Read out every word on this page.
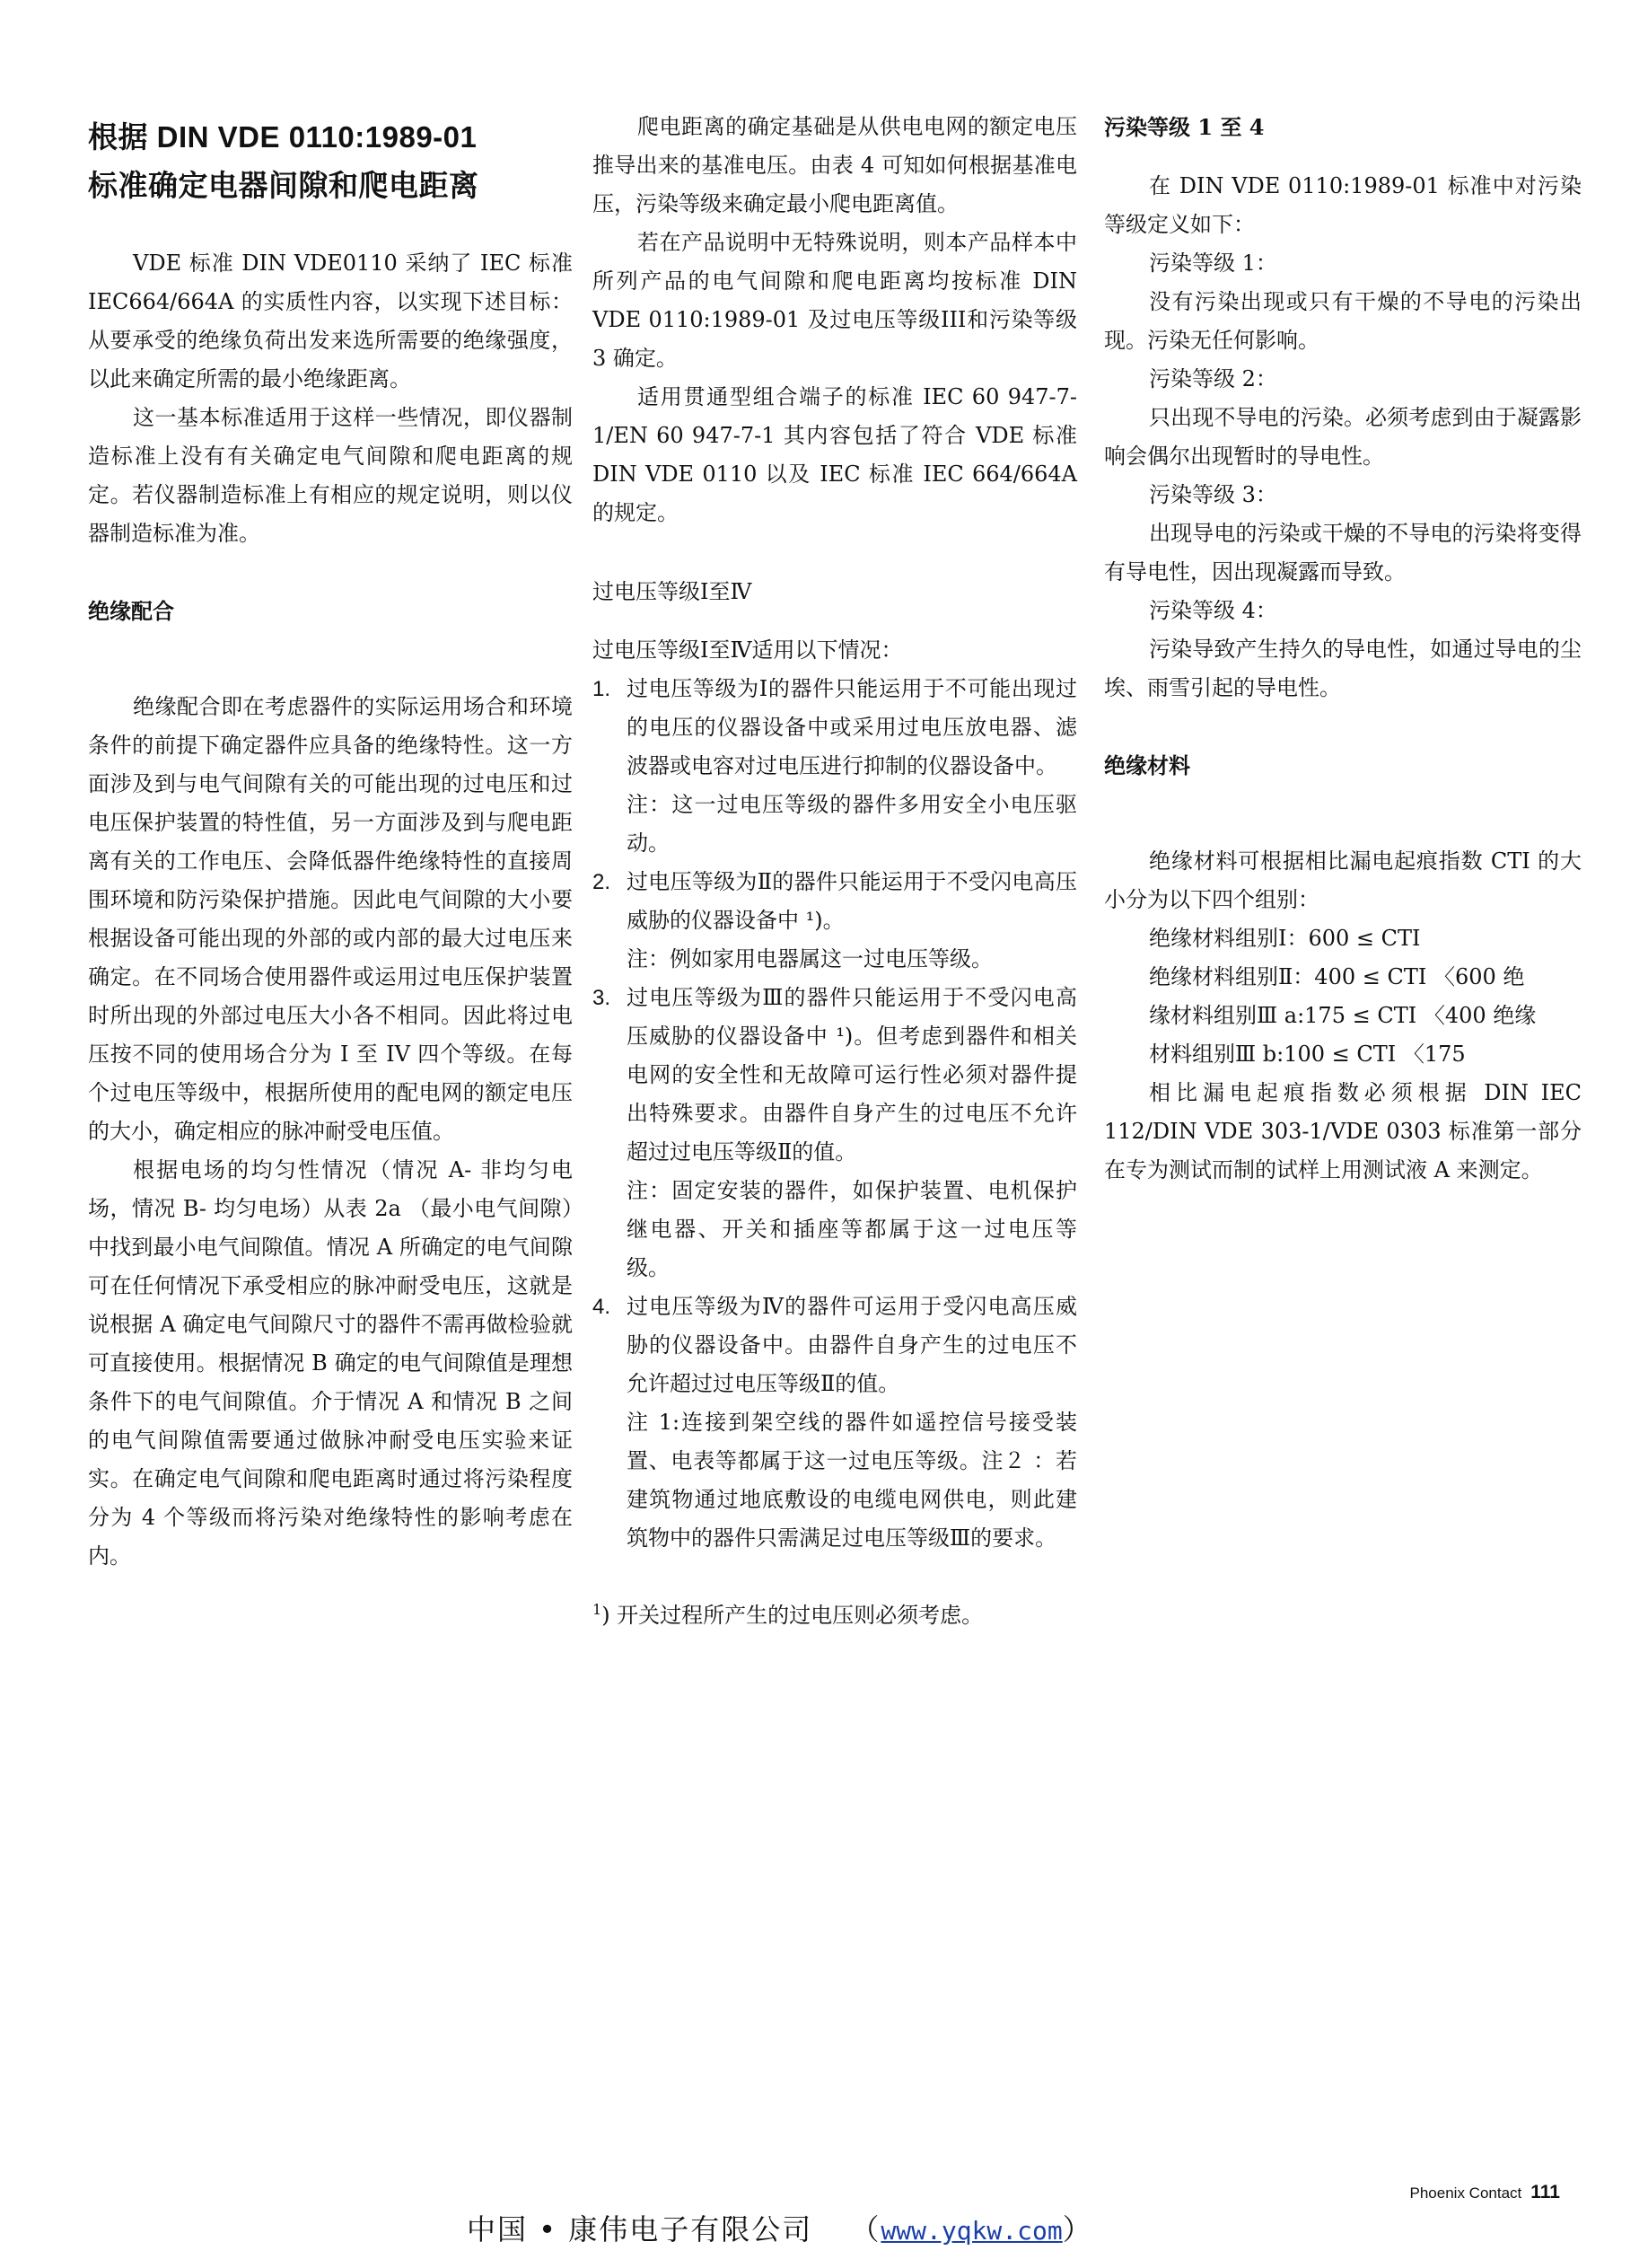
根据 DIN VDE 0110:1989-01
标准确定电器间隙和爬电距离

VDE 标准 DIN VDE0110 采纳了 IEC 标准 IEC664/664A 的实质性内容，以实现下述目标：从要承受的绝缘负荷出发来选所需要的绝缘强度，以此来确定所需的最小绝缘距离。

这一基本标准适用于这样一些情况，即仪器制造标准上没有有关确定电气间隙和爬电距离的规定。若仪器制造标准上有相应的规定说明，则以仪器制造标准为准。

绝缘配合

绝缘配合即在考虑器件的实际运用场合和环境条件的前提下确定器件应具备的绝缘特性。这一方面涉及到与电气间隙有关的可能出现的过电压和过电压保护装置的特性值，另一方面涉及到与爬电距离有关的工作电压、会降低器件绝缘特性的直接周围环境和防污染保护措施。因此电气间隙的大小要根据设备可能出现的外部的或内部的最大过电压来确定。在不同场合使用器件或运用过电压保护装置时所出现的外部过电压大小各不相同。因此将过电压按不同的使用场合分为 I 至 IV 四个等级。在每个过电压等级中，根据所使用的配电网的额定电压的大小，确定相应的脉冲耐受电压值。

根据电场的均匀性情况（情况 A- 非均匀电场，情况 B- 均匀电场）从表 2a （最小电气间隙）中找到最小电气间隙值。情况 A 所确定的电气间隙可在任何情况下承受相应的脉冲耐受电压，这就是说根据 A 确定电气间隙尺寸的器件不需再做检验就可直接使用。根据情况 B 确定的电气间隙值是理想条件下的电气间隙值。介于情况 A 和情况 B 之间的电气间隙值需要通过做脉冲耐受电压实验来证实。在确定电气间隙和爬电距离时通过将污染程度分为 4 个等级而将污染对绝缘特性的影响考虑在内。

爬电距离的确定基础是从供电电网的额定电压推导出来的基准电压。由表 4 可知如何根据基准电压，污染等级来确定最小爬电距离值。

若在产品说明中无特殊说明，则本产品样本中所列产品的电气间隙和爬电距离均按标准 DIN VDE 0110:1989-01 及过电压等级III和污染等级 3 确定。

适用贯通型组合端子的标准 IEC 60 947-7-1/EN 60 947-7-1 其内容包括了符合 VDE 标准 DIN VDE 0110 以及 IEC 标准 IEC 664/664A 的规定。

过电压等级Ⅰ至Ⅳ

过电压等级Ⅰ至Ⅳ适用以下情况：

1. 过电压等级为Ⅰ的器件只能运用于不可能出现过的电压的仪器设备中或采用过电压放电器、滤波器或电容对过电压进行抑制的仪器设备中。
注：这一过电压等级的器件多用安全小电压驱动。
2. 过电压等级为Ⅱ的器件只能运用于不受闪电高压威胁的仪器设备中 ¹)。
注：例如家用电器属这一过电压等级。
3. 过电压等级为Ⅲ的器件只能运用于不受闪电高压威胁的仪器设备中 ¹)。但考虑到器件和相关电网的安全性和无故障可运行性必须对器件提出特殊要求。由器件自身产生的过电压不允许超过过电压等级Ⅱ的值。
注：固定安装的器件，如保护装置、电机保护继电器、开关和插座等都属于这一过电压等级。
4. 过电压等级为Ⅳ的器件可运用于受闪电高压威胁的仪器设备中。由器件自身产生的过电压不允许超过过电压等级Ⅱ的值。
注 1:连接到架空线的器件如遥控信号接受装置、电表等都属于这一过电压等级。注２ ：若建筑物通过地底敷设的电缆电网供电，则此建筑物中的器件只需满足过电压等级Ⅲ的要求。
$^1$) 开关过程所产生的过电压则必须考虑。
污染等级 1 至 4

在 DIN VDE 0110:1989-01 标准中对污染等级定义如下：

污染等级 1：

没有污染出现或只有干燥的不导电的污染出现。污染无任何影响。

污染等级 2：

只出现不导电的污染。必须考虑到由于凝露影响会偶尔出现暂时的导电性。

污染等级 3：

出现导电的污染或干燥的不导电的污染将变得有导电性，因出现凝露而导致。

污染等级 4：

污染导致产生持久的导电性，如通过导电的尘埃、雨雪引起的导电性。

绝缘材料

绝缘材料可根据相比漏电起痕指数 CTI 的大小分为以下四个组别：

绝缘材料组别Ⅰ：600 ≤ CTI

绝缘材料组别Ⅱ：400 ≤ CTI 〈600 绝

缘材料组别Ⅲ a:175 ≤ CTI 〈400 绝缘

材料组别Ⅲ b:100 ≤ CTI 〈175

相比漏电起痕指数必须根据 DIN IEC 112/DIN VDE 303-1/VDE 0303 标准第一部分在专为测试而制的试样上用测试液 A 来测定。

Phoenix Contact 111
中国 • 康伟电子有限公司 （www.yqkw.com）
